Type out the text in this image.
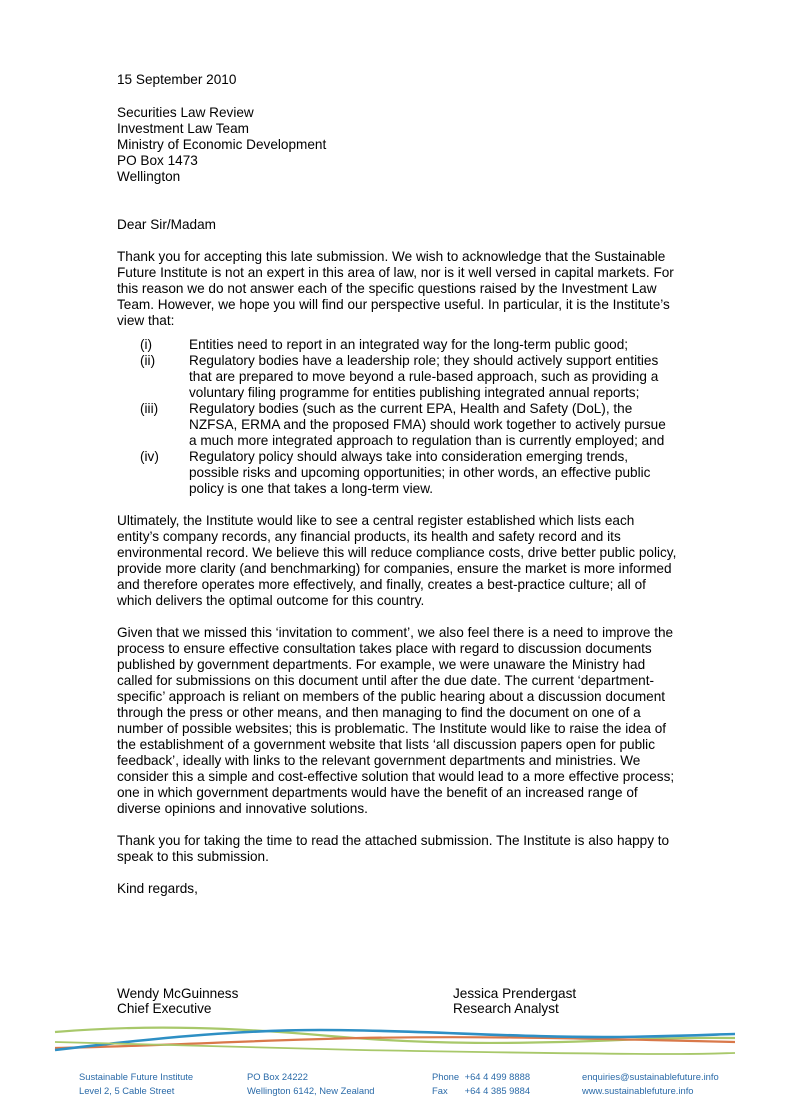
15 September 2010
Securities Law Review
Investment Law Team
Ministry of Economic Development
PO Box 1473
Wellington
Dear Sir/Madam

Thank you for accepting this late submission. We wish to acknowledge that the Sustainable Future Institute is not an expert in this area of law, nor is it well versed in capital markets. For this reason we do not answer each of the specific questions raised by the Investment Law Team. However, we hope you will find our perspective useful. In particular, it is the Institute’s view that:

(i)	Entities need to report in an integrated way for the long-term public good;
(ii)	Regulatory bodies have a leadership role; they should actively support entities that are prepared to move beyond a rule-based approach, such as providing a voluntary filing programme for entities publishing integrated annual reports;
(iii)	Regulatory bodies (such as the current EPA, Health and Safety (DoL), the NZFSA, ERMA and the proposed FMA) should work together to actively pursue a much more integrated approach to regulation than is currently employed; and
(iv)	Regulatory policy should always take into consideration emerging trends, possible risks and upcoming opportunities; in other words, an effective public policy is one that takes a long-term view.

Ultimately, the Institute would like to see a central register established which lists each entity’s company records, any financial products, its health and safety record and its environmental record. We believe this will reduce compliance costs, drive better public policy, provide more clarity (and benchmarking) for companies, ensure the market is more informed and therefore operates more effectively, and finally, creates a best-practice culture; all of which delivers the optimal outcome for this country.

Given that we missed this ‘invitation to comment’, we also feel there is a need to improve the process to ensure effective consultation takes place with regard to discussion documents published by government departments. For example, we were unaware the Ministry had called for submissions on this document until after the due date. The current ‘department-specific’ approach is reliant on members of the public hearing about a discussion document through the press or other means, and then managing to find the document on one of a number of possible websites; this is problematic. The Institute would like to raise the idea of the establishment of a government website that lists ‘all discussion papers open for public feedback’, ideally with links to the relevant government departments and ministries. We consider this a simple and cost-effective solution that would lead to a more effective process; one in which government departments would have the benefit of an increased range of diverse opinions and innovative solutions.

Thank you for taking the time to read the attached submission. The Institute is also happy to speak to this submission.

Kind regards,

Wendy McGuinness
Chief Executive
Jessica Prendergast
Research Analyst
Sustainable Future Institute
Level 2, 5 Cable Street
PO Box 24222
Wellington 6142, New Zealand
Phone +64 4 499 8888
Fax +64 4 385 9884
enquiries@sustainablefuture.info
www.sustainablefuture.info
